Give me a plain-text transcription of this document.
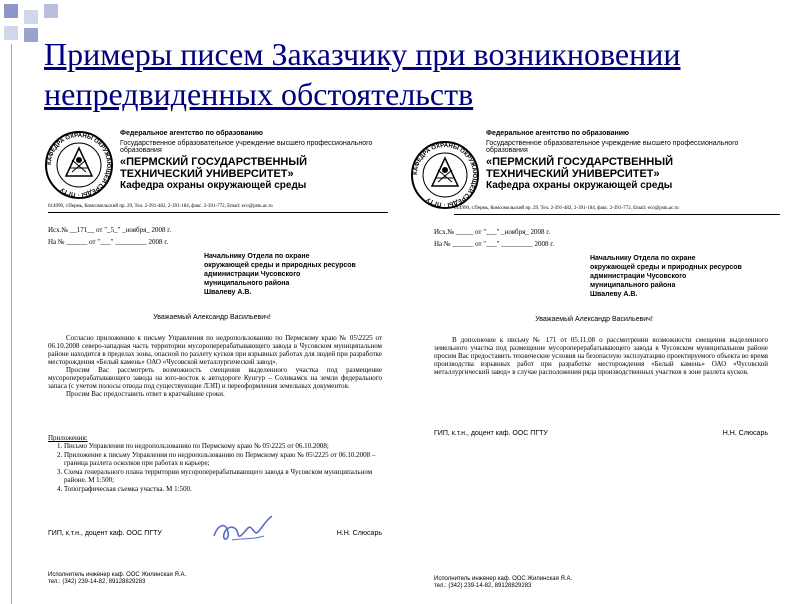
Примеры писем Заказчику при возникновении непредвиденных обстоятельств
КАФЕДРА ОХРАНЫ ОКРУЖАЮЩЕЙ СРЕДЫ · ПГТУ
Федеральное агентство по образованию
Государственное образовательное учреждение высшего профессионального образования
«ПЕРМСКИЙ ГОСУДАРСТВЕННЫЙ ТЕХНИЧЕСКИЙ УНИВЕРСИТЕТ»
Кафедра охраны окружающей среды
614990, г.Пермь, Комсомольский пр. 29, Тел. 2-391-482, 2-391-184, факс. 2-391-772, Email: eco@pstu.ac.ru
Исх.№ __171__ от "_5_" _ноября_ 2008 г.
На № ______ от "___" _________ 2008 г.
Начальнику Отдела по охране
окружающей среды и природных ресурсов
администрации Чусовского
муниципального района
Швалеву А.В.
Уважаемый Александр Васильевич!

Согласно приложению к письму Управления по недропользованию по Пермскому краю № 05\2225 от 06.10.2008 северо-западная часть территории мусороперерабатывающего завода в Чусовском муниципальном районе находится в пределах зоны, опасной по разлету кусков при взрывных работах для людей при разработке месторождения «Белый камень» ОАО «Чусовской металлургический завод».

Просим Вас рассмотреть возможность смещения выделенного участка под размещение мусороперерабатывающего завода на юго-восток к автодороге Кунгур – Соликамск на земли федерального запаса (с учетом полосы отвода под существующие ЛЭП) и переоформления земельных документов.

Просим Вас предоставить ответ в кратчайшие сроки.

Приложения:
1. Письмо Управления по недропользованию по Пермскому краю № 05\2225 от 06.10.2008;
2. Приложение к письму Управления по недропользованию по Пермскому краю № 05\2225 от 06.10.2008 – граница разлета осколков при работах в карьере;
3. Схема генерального плана территории мусороперерабатывающего завода в Чусовском муниципальном районе. М 1:500;
4. Топографическая съемка участка. М 1:500.
ГИП, к.т.н., доцент каф. ООС ПГТУ	Н.Н. Слюсарь
Исполнитель инженер каф. ООС Жилинская Я.А.
тел.: (342) 239-14-82, 89128829283
КАФЕДРА ОХРАНЫ ОКРУЖАЮЩЕЙ СРЕДЫ · ПГТУ
Федеральное агентство по образованию
Государственное образовательное учреждение высшего профессионального образования
«ПЕРМСКИЙ ГОСУДАРСТВЕННЫЙ ТЕХНИЧЕСКИЙ УНИВЕРСИТЕТ»
Кафедра охраны окружающей среды
614990, г.Пермь, Комсомольский пр. 29, Тел. 2-391-482, 2-391-184, факс. 2-391-772, Email: eco@pstu.ac.ru
Исх.№ _____ от "___" _ноября_ 2008 г.
На № ______ от "___" _________ 2008 г.
Начальнику Отдела по охране
окружающей среды и природных ресурсов
администрации Чусовского
муниципального района
Швалеву А.В.
Уважаемый Александр Васильевич!

В дополнение к письму № 171 от 05.11.08 о рассмотрении возможности смещения выделенного земельного участка под размещение мусороперерабатывающего завода в Чусовском муниципальном районе просим Вас предоставить технические условия на безопасную эксплуатацию проектируемого объекта во время производства взрывных работ при разработке месторождения «Белый камень» ОАО «Чусовской металлургический завод» в случае расположения ряда производственных участков в зоне разлета кусков.

ГИП, к.т.н., доцент каф. ООС ПГТУ	Н.Н. Слюсарь
Исполнитель инженер каф. ООС Жилинская Я.А.
тел.: (342) 239-14-82, 89128829283
